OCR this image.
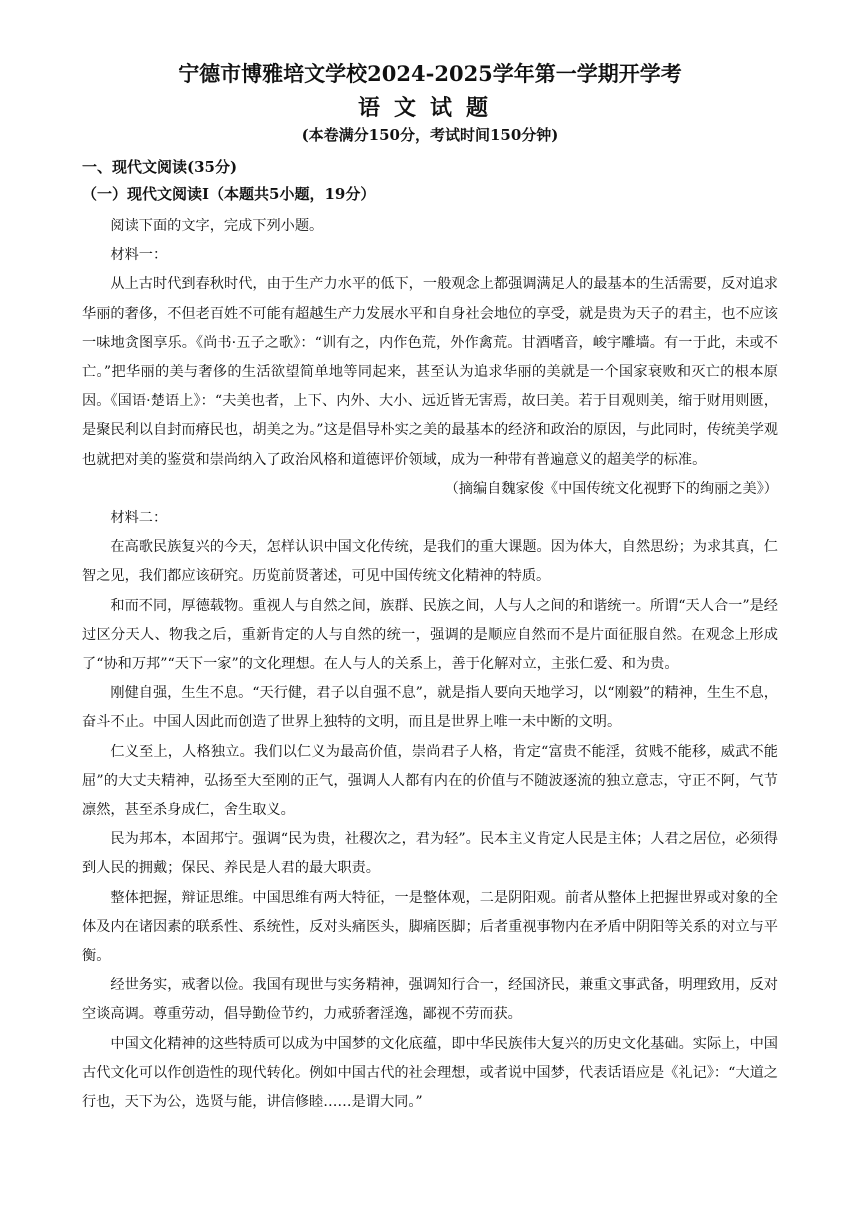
宁德市博雅培文学校2024-2025学年第一学期开学考
语文试题
(本卷满分150分，考试时间150分钟)
一、现代文阅读(35分)
（一）现代文阅读Ⅰ（本题共5小题，19分）

阅读下面的文字，完成下列小题。

材料一：

从上古时代到春秋时代，由于生产力水平的低下，一般观念上都强调满足人的最基本的生活需要，反对追求华丽的奢侈，不但老百姓不可能有超越生产力发展水平和自身社会地位的享受，就是贵为天子的君主，也不应该一味地贪图享乐。《尚书·五子之歌》：“训有之，内作色荒，外作禽荒。甘酒嗜音，峻宇雕墙。有一于此，未或不亡。”把华丽的美与奢侈的生活欲望简单地等同起来，甚至认为追求华丽的美就是一个国家衰败和灭亡的根本原因。《国语·楚语上》：“夫美也者，上下、内外、大小、远近皆无害焉，故曰美。若于目观则美，缩于财用则匮，是聚民利以自封而瘠民也，胡美之为。”这是倡导朴实之美的最基本的经济和政治的原因，与此同时，传统美学观也就把对美的鉴赏和崇尚纳入了政治风格和道德评价领域，成为一种带有普遍意义的超美学的标准。

（摘编自魏家俊《中国传统文化视野下的绚丽之美》）

材料二：

在高歌民族复兴的今天，怎样认识中国文化传统，是我们的重大课题。因为体大，自然思纷；为求其真，仁智之见，我们都应该研究。历览前贤著述，可见中国传统文化精神的特质。

和而不同，厚德载物。重视人与自然之间，族群、民族之间，人与人之间的和谐统一。所谓“天人合一”是经过区分天人、物我之后，重新肯定的人与自然的统一，强调的是顺应自然而不是片面征服自然。在观念上形成了“协和万邦”“天下一家”的文化理想。在人与人的关系上，善于化解对立，主张仁爱、和为贵。

刚健自强，生生不息。“天行健，君子以自强不息”，就是指人要向天地学习，以“刚毅”的精神，生生不息，奋斗不止。中国人因此而创造了世界上独特的文明，而且是世界上唯一未中断的文明。

仁义至上，人格独立。我们以仁义为最高价值，崇尚君子人格，肯定“富贵不能淫，贫贱不能移，威武不能屈”的大丈夫精神，弘扬至大至刚的正气，强调人人都有内在的价值与不随波逐流的独立意志，守正不阿，气节凛然，甚至杀身成仁，舍生取义。

民为邦本，本固邦宁。强调“民为贵，社稷次之，君为轻”。民本主义肯定人民是主体；人君之居位，必须得到人民的拥戴；保民、养民是人君的最大职责。

整体把握，辩证思维。中国思维有两大特征，一是整体观，二是阴阳观。前者从整体上把握世界或对象的全体及内在诸因素的联系性、系统性，反对头痛医头，脚痛医脚；后者重视事物内在矛盾中阴阳等关系的对立与平衡。

经世务实，戒奢以俭。我国有现世与实务精神，强调知行合一，经国济民，兼重文事武备，明理致用，反对空谈高调。尊重劳动，倡导勤俭节约，力戒骄奢淫逸，鄙视不劳而获。

中国文化精神的这些特质可以成为中国梦的文化底蕴，即中华民族伟大复兴的历史文化基础。实际上，中国古代文化可以作创造性的现代转化。例如中国古代的社会理想，或者说中国梦，代表话语应是《礼记》：“大道之行也，天下为公，选贤与能，讲信修睦……是谓大同。”
